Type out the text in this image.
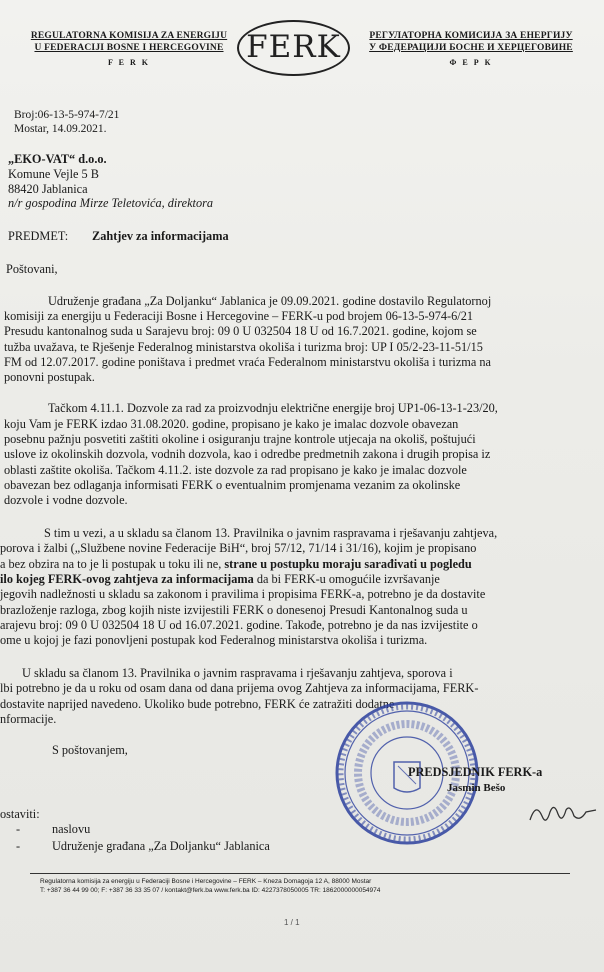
REGULATORNA KOMISIJA ZA ENERGIJU
U FEDERACIJI BOSNE I HERCEGOVINE
F E R K	FERK	РЕГУЛАТОРНА КОМИСИЈА ЗА ЕНЕРГИЈУ
У ФЕДЕРАЦИЈИ БОСНЕ И ХЕРЦЕГОВИНЕ
Ф Е Р К
Broj:06-13-5-974-7/21
Mostar, 14.09.2021.
„EKO-VAT“ d.o.o.
Komune Vejle 5 B
88420 Jablanica
n/r gospodina Mirze Teletovića, direktora
PREDMET: Zahtjev za informacijama
Poštovani,
Udruženje građana „Za Doljanku“ Jablanica je 09.09.2021. godine dostavilo Regulatornoj
komisiji za energiju u Federaciji Bosne i Hercegovine – FERK-u pod brojem 06-13-5-974-6/21
Presudu kantonalnog suda u Sarajevu broj: 09 0 U 032504 18 U od 16.7.2021. godine, kojom se
tužba uvažava, te Rješenje Federalnog ministarstva okoliša i turizma broj: UP I 05/2-23-11-51/15
FM od 12.07.2017. godine poništava i predmet vraća Federalnom ministarstvu okoliša i turizma na
ponovni postupak.
Tačkom 4.11.1. Dozvole za rad za proizvodnju električne energije broj UP1-06-13-1-23/20,
koju Vam je FERK izdao 31.08.2020. godine, propisano je kako je imalac dozvole obavezan
posebnu pažnju posvetiti zaštiti okoline i osiguranju trajne kontrole utjecaja na okoliš, poštujući
uslove iz okolinskih dozvola, vodnih dozvola, kao i odredbe predmetnih zakona i drugih propisa iz
oblasti zaštite okoliša. Tačkom 4.11.2. iste dozvole za rad propisano je kako je imalac dozvole
obavezan bez odlaganja informisati FERK o eventualnim promjenama vezanim za okolinske
dozvole i vodne dozvole.
S tim u vezi, a u skladu sa članom 13. Pravilnika o javnim raspravama i rješavanju zahtjeva,
porova i žalbi („Službene novine Federacije BiH“, broj 57/12, 71/14 i 31/16), kojim je propisano
a bez obzira na to je li postupak u toku ili ne, strane u postupku moraju sarađivati u pogledu
ilo kojeg FERK-ovog zahtjeva za informacijama da bi FERK-u omogućile izvršavanje
jegovih nadležnosti u skladu sa zakonom i pravilima i propisima FERK-a, potrebno je da dostavite
brazloženje razloga, zbog kojih niste izvijestili FERK o donesenoj Presudi Kantonalnog suda u
arajevu broj: 09 0 U 032504 18 U od 16.07.2021. godine. Takođe, potrebno je da nas izvijestite o
ome u kojoj je fazi ponovljeni postupak kod Federalnog ministarstva okoliša i turizma.
U skladu sa članom 13. Pravilnika o javnim raspravama i rješavanju zahtjeva, sporova i
lbi potrebno je da u roku od osam dana od dana prijema ovog Zahtjeva za informacijama, FERK-
dostavite naprijed navedeno. Ukoliko bude potrebno, FERK će zatražiti dodatne
nformacije.
S poštovanjem,
PREDSJEDNIK FERK-a
Jasmin Bešo
ostaviti:
-	naslovu
-	Udruženje građana „Za Doljanku“ Jablanica
Regulatorna komisija za energiju u Federaciji Bosne i Hercegovine – FERK – Kneza Domagoja 12 A, 88000 Mostar
T: +387 36 44 99 00; F: +387 36 33 35 07 / kontakt@ferk.ba www.ferk.ba ID: 4227378050005 TR: 1862000000054974
1 / 1
